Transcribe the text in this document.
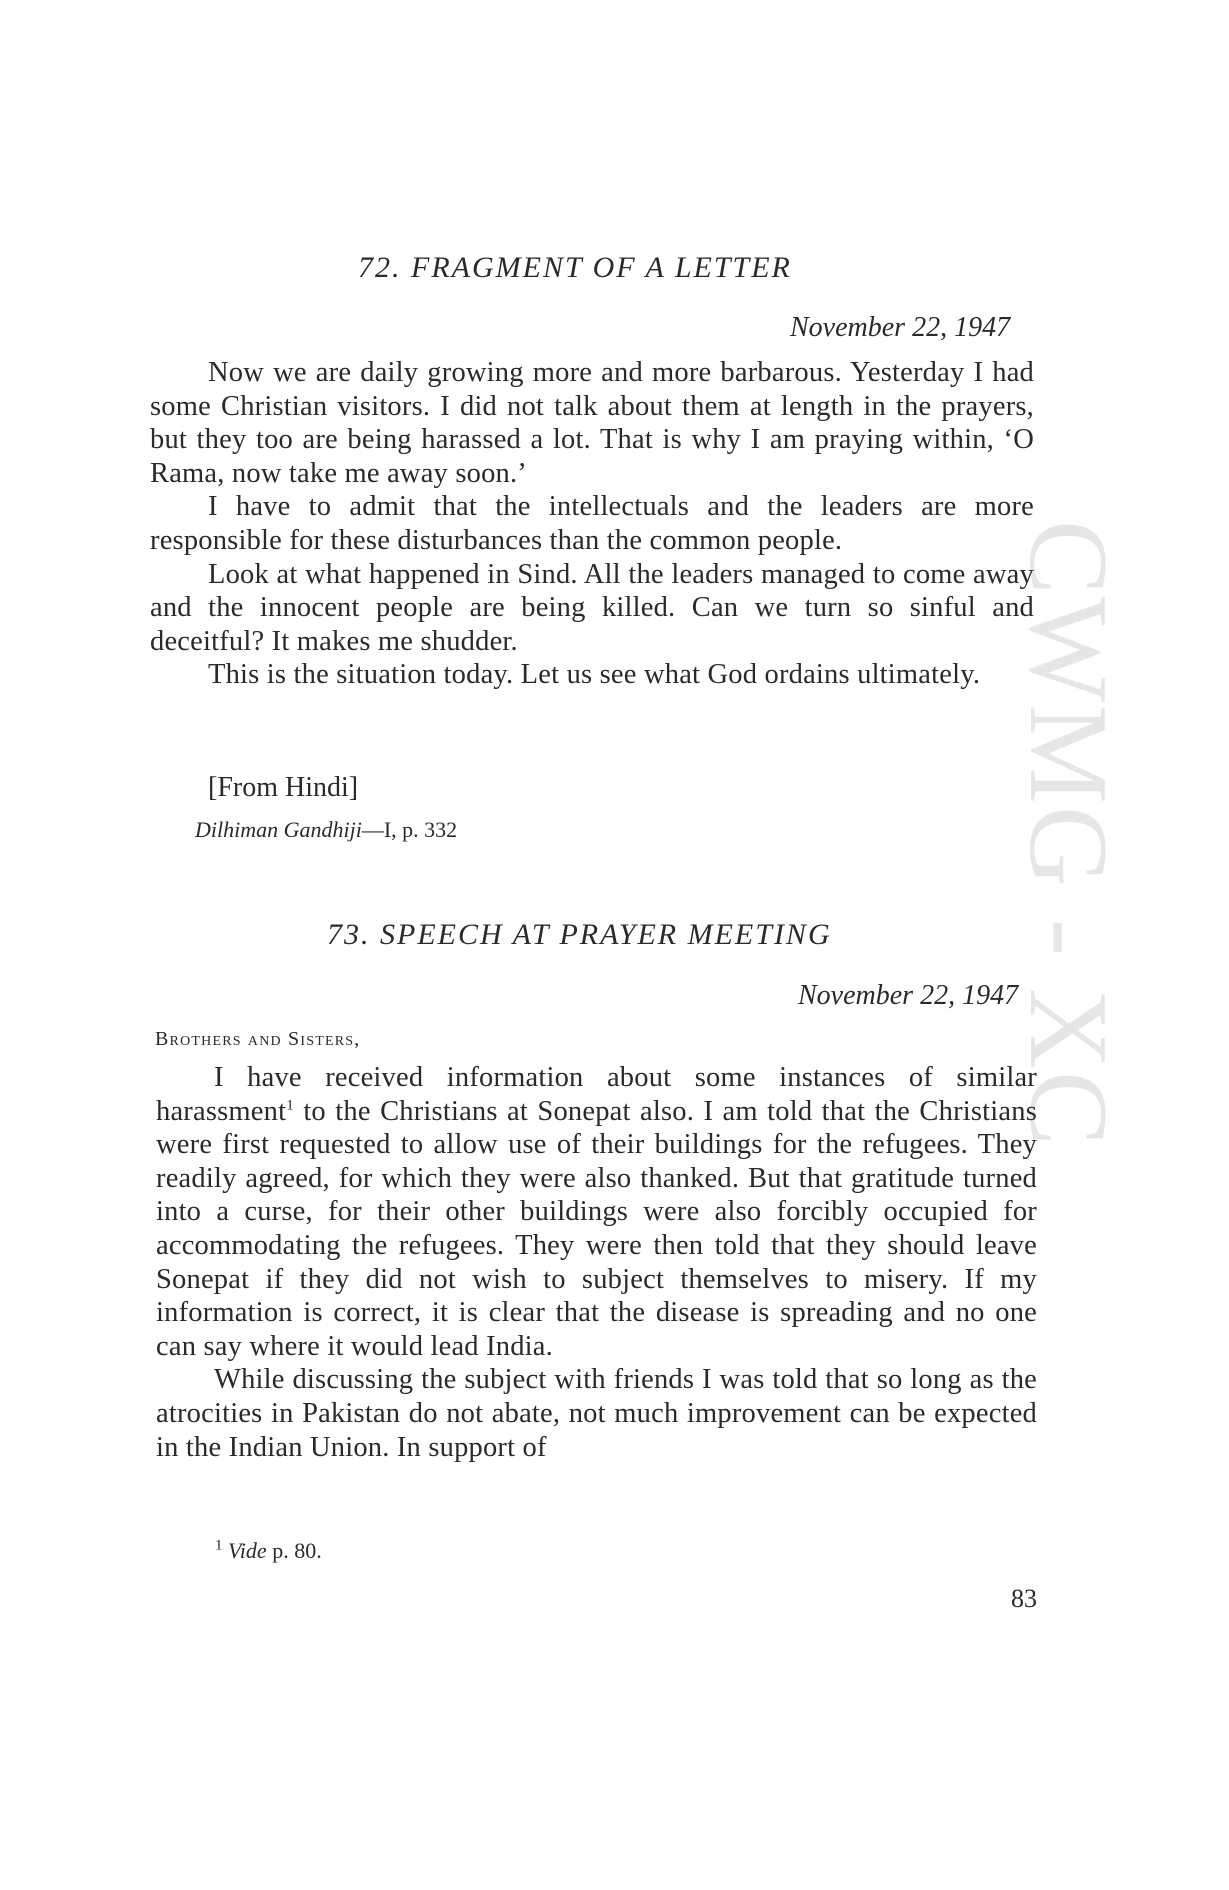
CWMG - XC
72. FRAGMENT OF A LETTER
November 22, 1947

Now we are daily growing more and more barbarous. Yesterday I had some Christian visitors. I did not talk about them at length in the prayers, but they too are being harassed a lot. That is why I am praying within, ‘O Rama, now take me away soon.’

I have to admit that the intellectuals and the leaders are more responsible for these disturbances than the common people.

Look at what happened in Sind. All the leaders managed to come away and the innocent people are being killed. Can we turn so sinful and deceitful? It makes me shudder.

This is the situation today. Let us see what God ordains ultimately.

[From Hindi]
Dilhiman Gandhiji—I, p. 332
73. SPEECH AT PRAYER MEETING
November 22, 1947
Brothers and Sisters,

I have received information about some instances of similar harassment$^1$ to the Christians at Sonepat also. I am told that the Christians were first requested to allow use of their buildings for the refugees. They readily agreed, for which they were also thanked. But that gratitude turned into a curse, for their other buildings were also forcibly occupied for accommodating the refugees. They were then told that they should leave Sonepat if they did not wish to subject themselves to misery. If my information is correct, it is clear that the disease is spreading and no one can say where it would lead India.

While discussing the subject with friends I was told that so long as the atrocities in Pakistan do not abate, not much improvement can be expected in the Indian Union. In support of

$^1$ Vide p. 80.
83
